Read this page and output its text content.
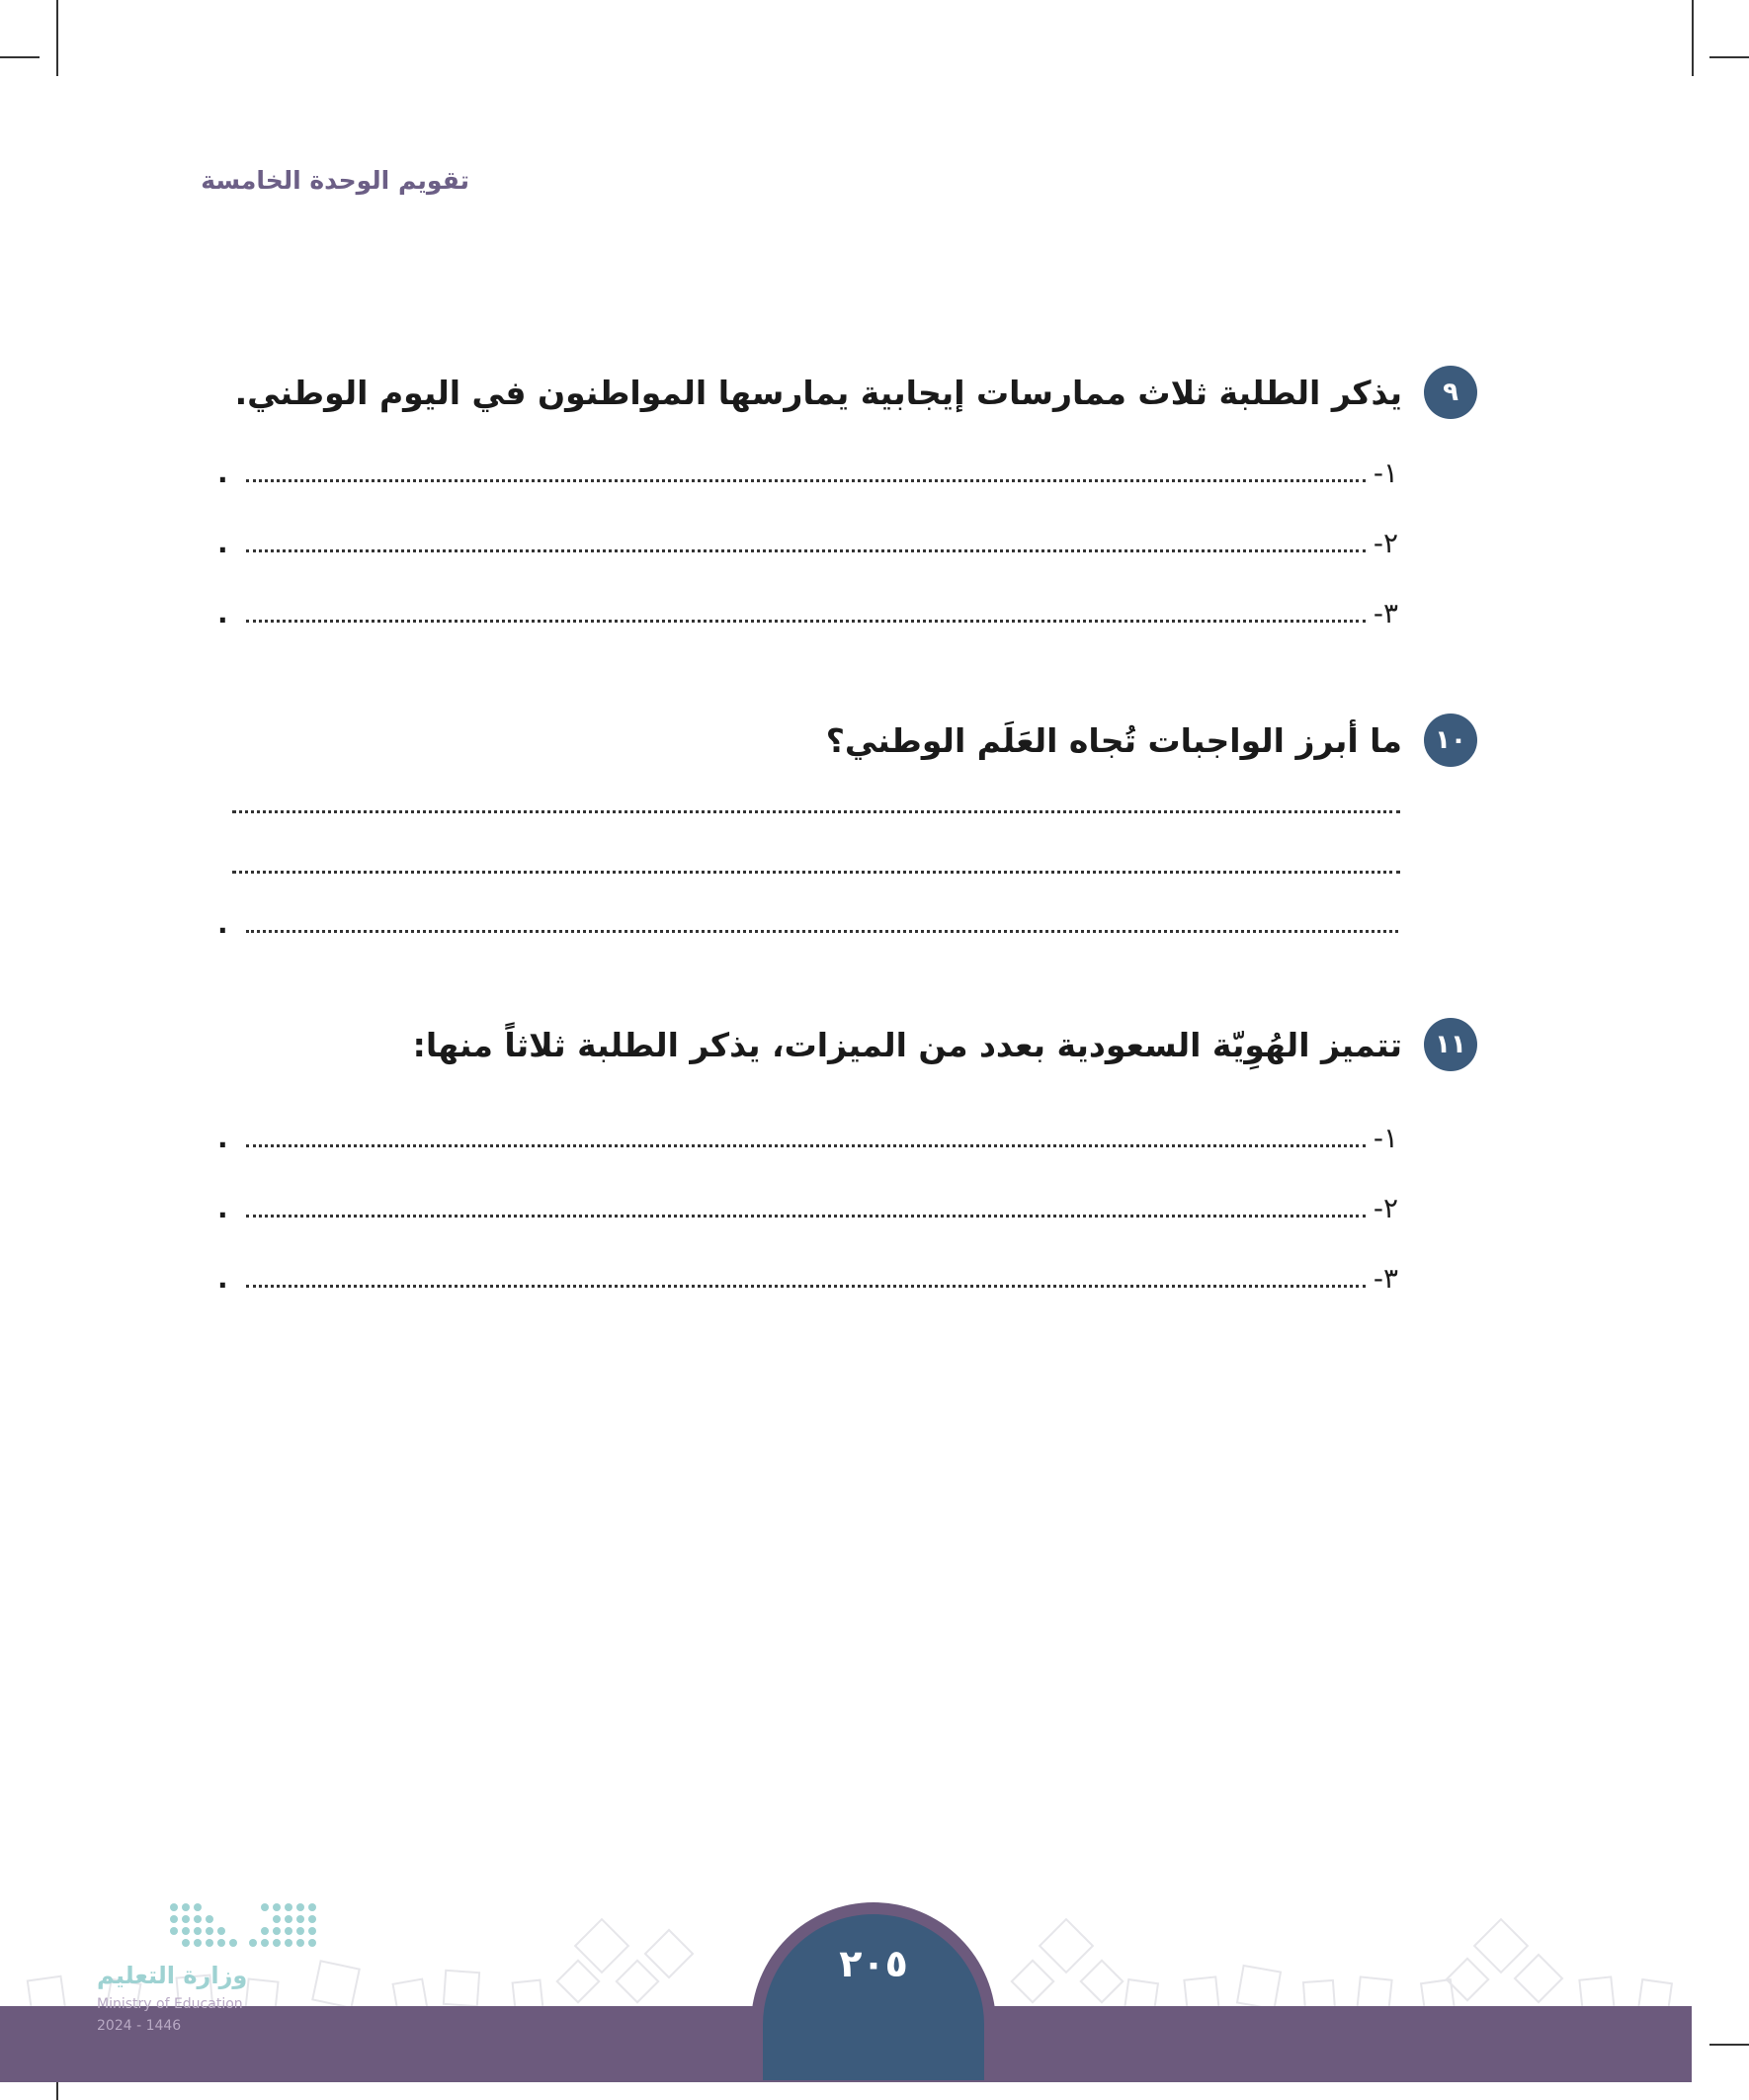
تقويم الوحدة الخامسة
٩
يذكر الطلبة ثلاث ممارسات إيجابية يمارسها المواطنون في اليوم الوطني.
١-
.
٢-
.
٣-
.
١٠
ما أبرز الواجبات تُجاه العَلَم الوطني؟
.
١١
تتميز الهُوِيّة السعودية بعدد من الميزات، يذكر الطلبة ثلاثاً منها:
١-
.
٢-
.
٣-
.
٢٠٥
وزارة التعليم
Ministry of Education
2024 - 1446
